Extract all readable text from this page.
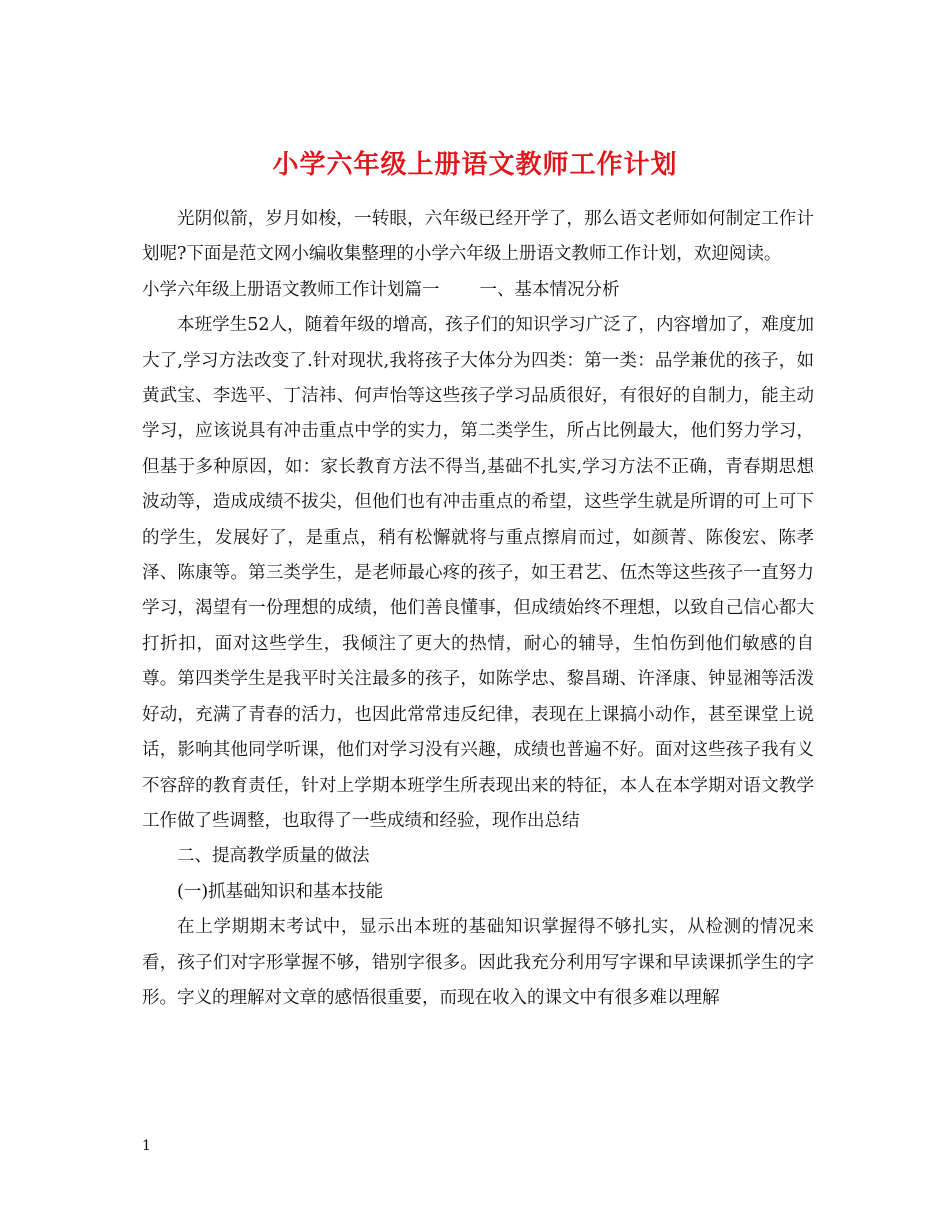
小学六年级上册语文教师工作计划

光阴似箭，岁月如梭，一转眼，六年级已经开学了，那么语文老师如何制定工作计划呢?下面是范文网小编收集整理的小学六年级上册语文教师工作计划，欢迎阅读。

小学六年级上册语文教师工作计划篇一 一、基本情况分析

本班学生52人，随着年级的增高，孩子们的知识学习广泛了，内容增加了，难度加大了,学习方法改变了.针对现状,我将孩子大体分为四类：第一类：品学兼优的孩子，如黄武宝、李选平、丁洁祎、何声怡等这些孩子学习品质很好，有很好的自制力，能主动学习，应该说具有冲击重点中学的实力，第二类学生，所占比例最大，他们努力学习，但基于多种原因，如：家长教育方法不得当,基础不扎实,学习方法不正确，青春期思想波动等，造成成绩不拔尖，但他们也有冲击重点的希望，这些学生就是所谓的可上可下的学生，发展好了，是重点，稍有松懈就将与重点擦肩而过，如颜菁、陈俊宏、陈孝泽、陈康等。第三类学生，是老师最心疼的孩子，如王君艺、伍杰等这些孩子一直努力学习，渴望有一份理想的成绩，他们善良懂事，但成绩始终不理想，以致自己信心都大打折扣，面对这些学生，我倾注了更大的热情，耐心的辅导，生怕伤到他们敏感的自尊。第四类学生是我平时关注最多的孩子，如陈学忠、黎昌瑚、许泽康、钟显湘等活泼好动，充满了青春的活力，也因此常常违反纪律，表现在上课搞小动作，甚至课堂上说话，影响其他同学听课，他们对学习没有兴趣，成绩也普遍不好。面对这些孩子我有义不容辞的教育责任，针对上学期本班学生所表现出来的特征，本人在本学期对语文教学工作做了些调整，也取得了一些成绩和经验，现作出总结

二、提高教学质量的做法

(一)抓基础知识和基本技能

在上学期期末考试中，显示出本班的基础知识掌握得不够扎实，从检测的情况来看，孩子们对字形掌握不够，错别字很多。因此我充分利用写字课和早读课抓学生的字形。字义的理解对文章的感悟很重要，而现在收入的课文中有很多难以理解

1
